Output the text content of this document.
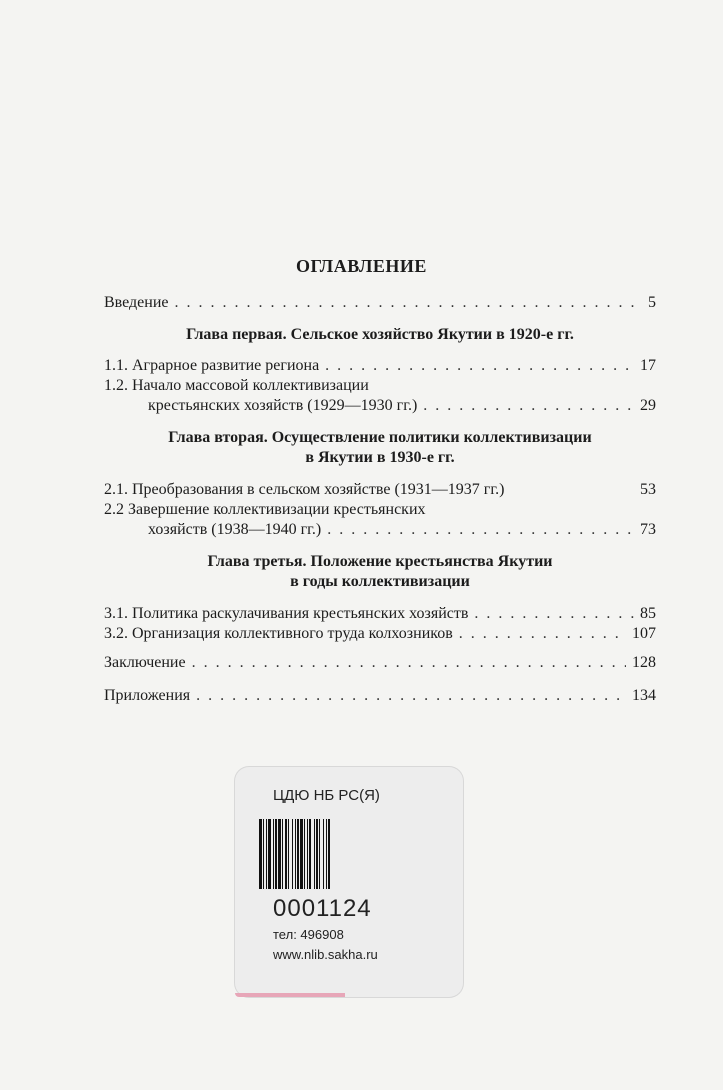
ОГЛАВЛЕНИЕ
Введение . . .	5
Глава первая. Сельское хозяйство Якутии в 1920-е гг.
1.1. Аграрное развитие региона . . .	17
1.2. Начало массовой коллективизации
крестьянских хозяйств (1929—1930 гг.) . . .	29
Глава вторая. Осуществление политики коллективизации
в Якутии в 1930-е гг.
2.1. Преобразования в сельском хозяйстве (1931—1937 гг.)	53
2.2 Завершение коллективизации крестьянских
хозяйств (1938—1940 гг.) . . .	73
Глава третья. Положение крестьянства Якутии
в годы коллективизации
3.1. Политика раскулачивания крестьянских хозяйств . . .	85
3.2. Организация коллективного труда колхозников . . .	107
Заключение . . .	128
Приложения . . .	134
ЦДЮ НБ РС(Я)
0001124
тел: 496908
www.nlib.sakha.ru
